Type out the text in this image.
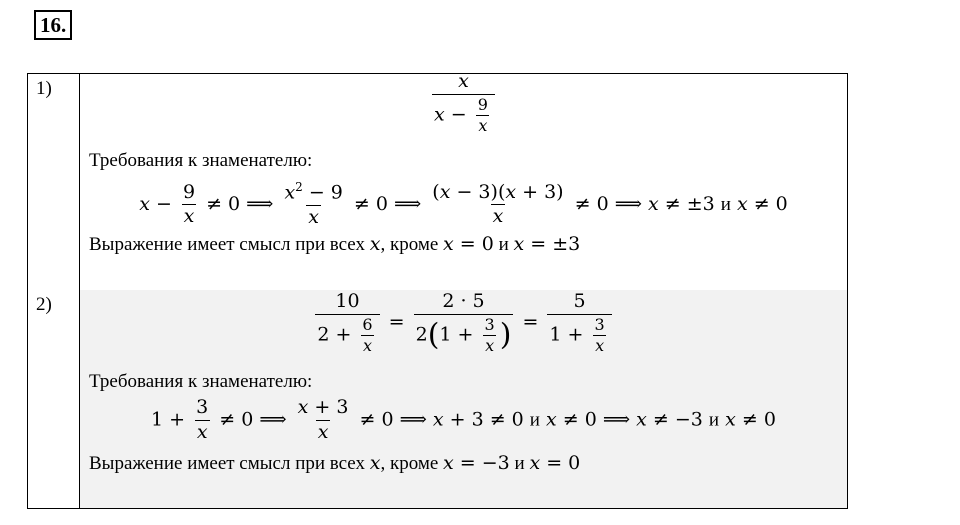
16.
1)	$\frac{x}{x - \frac{9}{x}}$
Требования к знаменателю:
$x - \frac{9}{x} \ne 0$ ⟹ $\frac{x^2 - 9}{x} \ne 0$ ⟹ $\frac{(x - 3)(x + 3)}{x} \ne 0$ ⟹ x ≠ ±3 и x ≠ 0
Выражение имеет смысл при всех x, кроме x = 0 и x = ±3
2)	$\frac{10}{2 + \frac{6}{x}} = \frac{2 \cdot 5}{2(1 + \frac{3}{x} )} = \frac{5}{1 + \frac{3}{x}}$
Требования к знаменателю:
$1 + \frac{3}{x} \ne 0$ ⟹ $\frac{x + 3}{x} \ne 0$ ⟹ x + 3 ≠ 0 и x ≠ 0 ⟹ x ≠ −3 и x ≠ 0
Выражение имеет смысл при всех x, кроме x = −3 и x = 0
